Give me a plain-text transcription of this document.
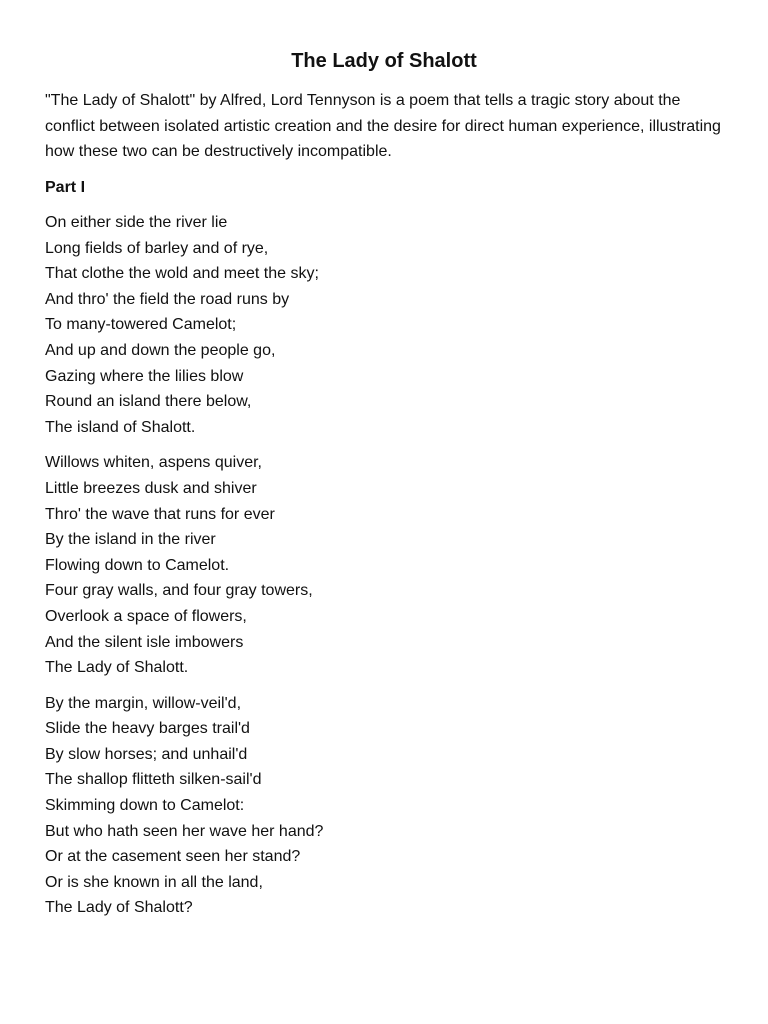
The Lady of Shalott

"The Lady of Shalott" by Alfred, Lord Tennyson is a poem that tells a tragic story about the conflict between isolated artistic creation and the desire for direct human experience, illustrating how these two can be destructively incompatible.

Part I

On either side the river lie
Long fields of barley and of rye,
That clothe the wold and meet the sky;
And thro' the field the road runs by
To many-towered Camelot;
And up and down the people go,
Gazing where the lilies blow
Round an island there below,
The island of Shalott.
Willows whiten, aspens quiver,
Little breezes dusk and shiver
Thro' the wave that runs for ever
By the island in the river
Flowing down to Camelot.
Four gray walls, and four gray towers,
Overlook a space of flowers,
And the silent isle imbowers
The Lady of Shalott.
By the margin, willow-veil'd,
Slide the heavy barges trail'd
By slow horses; and unhail'd
The shallop flitteth silken-sail'd
Skimming down to Camelot:
But who hath seen her wave her hand?
Or at the casement seen her stand?
Or is she known in all the land,
The Lady of Shalott?
